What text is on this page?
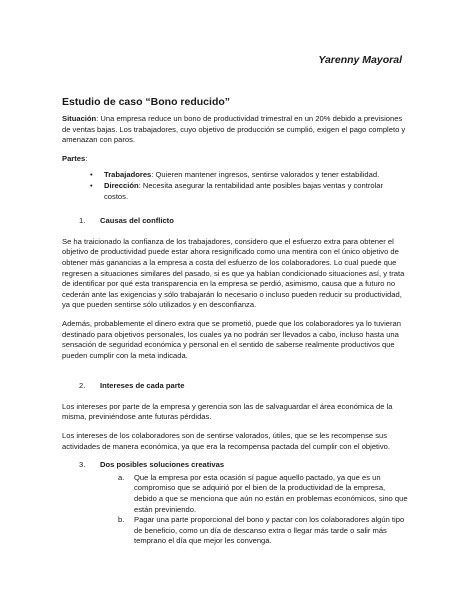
Yarenny Mayoral
Estudio de caso “Bono reducido”

Situación: Una empresa reduce un bono de productividad trimestral en un 20% debido a previsiones de ventas bajas. Los trabajadores, cuyo objetivo de producción se cumplió, exigen el pago completo y amenazan con paros.

Partes:

• Trabajadores: Quieren mantener ingresos, sentirse valorados y tener estabilidad.
• Dirección: Necesita asegurar la rentabilidad ante posibles bajas ventas y controlar costos.
1.	Causas del conflicto

Se ha traicionado la confianza de los trabajadores, considero que el esfuerzo extra para obtener el objetivo de productividad puede estar ahora resignificado como una mentira con el único objetivo de obtener más ganancias a la empresa a costa del esfuerzo de los colaboradores. Lo cual puede que regresen a situaciones similares del pasado, si es que ya habían condicionado situaciones así, y trata de identificar por qué esta transparencia en la empresa se perdió, asimismo, causa que a futuro no cederán ante las exigencias y sólo trabajarán lo necesario o incluso pueden reducir su productividad, ya que pueden sentirse sólo utilizados y en desconfianza.

Además, probablemente el dinero extra que se prometió, puede que los colaboradores ya lo tuvieran destinado para objetivos personales, los cuales ya no podrán ser llevados a cabo, incluso hasta una sensación de seguridad económica y personal en el sentido de saberse realmente productivos que pueden cumplir con la meta indicada.

2.	Intereses de cada parte

Los intereses por parte de la empresa y gerencia son las de salvaguardar el área económica de la misma, previniéndose ante futuras pérdidas.

Los intereses de los colaboradores son de sentirse valorados, útiles, que se les recompense sus actividades de manera económica, ya que era la recompensa pactada del cumplir con el objetivo.

3.	Dos posibles soluciones creativas
a.	Que la empresa por esta ocasión sí pague aquello pactado, ya que es un compromiso que se adquirió por el bien de la productividad de la empresa, debido a que se menciona que aún no están en problemas económicos, sino que están previniendo.
b.	Pagar una parte proporcional del bono y pactar con los colaboradores algún tipo de beneficio, como un día de descanso extra o llegar más tarde o salir más temprano el día que mejor les convenga.
